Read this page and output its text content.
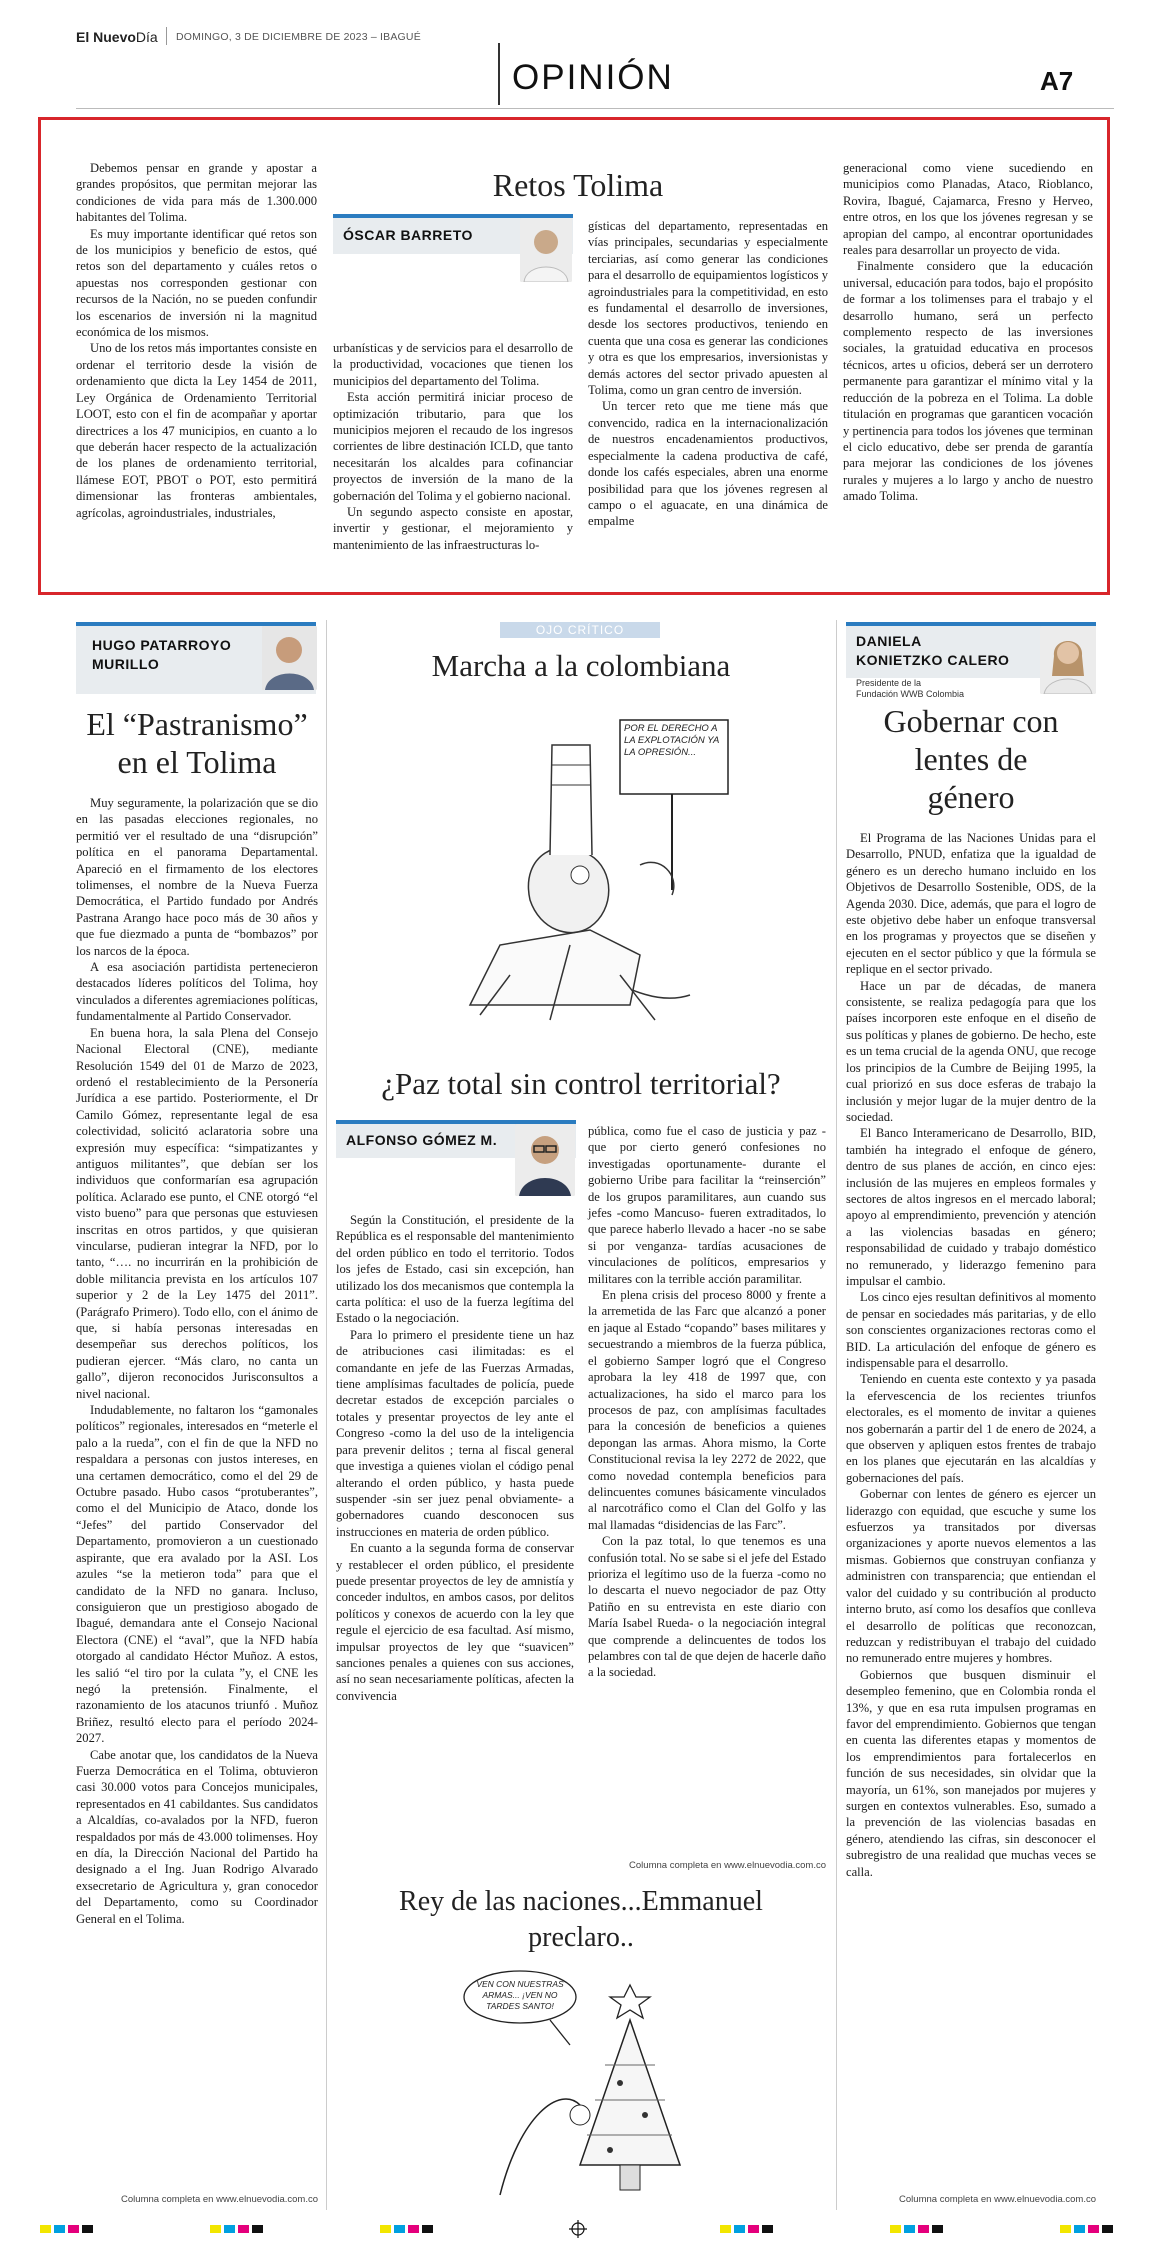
El NuevoDía DOMINGO, 3 DE DICIEMBRE DE 2023 – IBAGUÉ
OPINIÓN	A7

Debemos pensar en grande y apostar a grandes propósitos, que permitan mejorar las condiciones de vida para más de 1.300.000 habitantes del Tolima.

Es muy importante identificar qué retos son de los municipios y beneficio de estos, qué retos son del departamento y cuáles retos o apuestas nos corresponden gestionar con recursos de la Nación, no se pueden confundir los escenarios de inversión ni la magnitud económica de los mismos.

Uno de los retos más importantes consiste en ordenar el territorio desde la visión de ordenamiento que dicta la Ley 1454 de 2011, Ley Orgánica de Ordenamiento Territorial LOOT, esto con el fin de acompañar y aportar directrices a los 47 municipios, en cuanto a lo que deberán hacer respecto de la actualización de los planes de ordenamiento territorial, llámese EOT, PBOT o POT, esto permitirá dimensionar las fronteras ambientales, agrícolas, agroindustriales, industriales,

Retos Tolima
ÓSCAR BARRETO

urbanísticas y de servicios para el desarrollo de la productividad, vocaciones que tienen los municipios del departamento del Tolima.

Esta acción permitirá iniciar proceso de optimización tributario, para que los municipios mejoren el recaudo de los ingresos corrientes de libre destinación ICLD, que tanto necesitarán los alcaldes para cofinanciar proyectos de inversión de la mano de la gobernación del Tolima y el gobierno nacional.

Un segundo aspecto consiste en apostar, invertir y gestionar, el mejoramiento y mantenimiento de las infraestructuras lo-

gísticas del departamento, representadas en vías principales, secundarias y especialmente terciarias, así como generar las condiciones para el desarrollo de equipamientos logísticos y agroindustriales para la competitividad, en esto es fundamental el desarrollo de inversiones, desde los sectores productivos, teniendo en cuenta que una cosa es generar las condiciones y otra es que los empresarios, inversionistas y demás actores del sector privado apuesten al Tolima, como un gran centro de inversión.

Un tercer reto que me tiene más que convencido, radica en la internacionalización de nuestros encadenamientos productivos, especialmente la cadena productiva de café, donde los cafés especiales, abren una enorme posibilidad para que los jóvenes regresen al campo o el aguacate, en una dinámica de empalme

generacional como viene sucediendo en municipios como Planadas, Ataco, Rioblanco, Rovira, Ibagué, Cajamarca, Fresno y Herveo, entre otros, en los que los jóvenes regresan y se apropian del campo, al encontrar oportunidades reales para desarrollar un proyecto de vida.

Finalmente considero que la educación universal, educación para todos, bajo el propósito de formar a los tolimenses para el trabajo y el desarrollo humano, será un perfecto complemento respecto de las inversiones sociales, la gratuidad educativa en procesos técnicos, artes u oficios, deberá ser un derrotero permanente para garantizar el mínimo vital y la reducción de la pobreza en el Tolima. La doble titulación en programas que garanticen vocación y pertinencia para todos los jóvenes que terminan el ciclo educativo, debe ser prenda de garantía para mejorar las condiciones de los jóvenes rurales y mujeres a lo largo y ancho de nuestro amado Tolima.

HUGO PATARROYO
MURILLO
El “Pastranismo”
en el Tolima

Muy seguramente, la polarización que se dio en las pasadas elecciones regionales, no permitió ver el resultado de una “disrupción” política en el panorama Departamental. Apareció en el firmamento de los electores tolimenses, el nombre de la Nueva Fuerza Democrática, el Partido fundado por Andrés Pastrana Arango hace poco más de 30 años y que fue diezmado a punta de “bombazos” por los narcos de la época.

A esa asociación partidista pertenecieron destacados líderes políticos del Tolima, hoy vinculados a diferentes agremiaciones políticas, fundamentalmente al Partido Conservador.

En buena hora, la sala Plena del Consejo Nacional Electoral (CNE), mediante Resolución 1549 del 01 de Marzo de 2023, ordenó el restablecimiento de la Personería Jurídica a ese partido. Posteriormente, el Dr Camilo Gómez, representante legal de esa colectividad, solicitó aclaratoria sobre una expresión muy específica: “simpatizantes y antiguos militantes”, que debían ser los individuos que conformarían esa agrupación política. Aclarado ese punto, el CNE otorgó “el visto bueno” para que personas que estuviesen inscritas en otros partidos, y que quisieran vincularse, pudieran integrar la NFD, por lo tanto, “…. no incurrirán en la prohibición de doble militancia prevista en los artículos 107 superior y 2 de la Ley 1475 del 2011”. (Parágrafo Primero). Todo ello, con el ánimo de que, si había personas interesadas en desempeñar sus derechos políticos, los pudieran ejercer. “Más claro, no canta un gallo”, dijeron reconocidos Jurisconsultos a nivel nacional.

Indudablemente, no faltaron los “gamonales políticos” regionales, interesados en “meterle el palo a la rueda”, con el fin de que la NFD no respaldara a personas con justos intereses, en una certamen democrático, como el del 29 de Octubre pasado. Hubo casos “protuberantes”, como el del Municipio de Ataco, donde los “Jefes” del partido Conservador del Departamento, promovieron a un cuestionado aspirante, que era avalado por la ASI. Los azules “se la metieron toda” para que el candidato de la NFD no ganara. Incluso, consiguieron que un prestigioso abogado de Ibagué, demandara ante el Consejo Nacional Electora (CNE) el “aval”, que la NFD había otorgado al candidato Héctor Muñoz. A estos, les salió “el tiro por la culata ”y, el CNE les negó la pretensión. Finalmente, el razonamiento de los atacunos triunfó . Muñoz Briñez, resultó electo para el período 2024-2027.

Cabe anotar que, los candidatos de la Nueva Fuerza Democrática en el Tolima, obtuvieron casi 30.000 votos para Concejos municipales, representados en 41 cabildantes. Sus candidatos a Alcaldías, co-avalados por la NFD, fueron respaldados por más de 43.000 tolimenses. Hoy en día, la Dirección Nacional del Partido ha designado a el Ing. Juan Rodrigo Alvarado exsecretario de Agricultura y, gran conocedor del Departamento, como su Coordinador General en el Tolima.

Columna completa en www.elnuevodia.com.co
OJO CRÍTICO
Marcha a la colombiana
POR EL DERECHO A LA EXPLOTACIÓN YA LA OPRESIÓN...
¿Paz total sin control territorial?
ALFONSO GÓMEZ M.

Según la Constitución, el presidente de la República es el responsable del mantenimiento del orden público en todo el territorio. Todos los jefes de Estado, casi sin excepción, han utilizado los dos mecanismos que contempla la carta política: el uso de la fuerza legítima del Estado o la negociación.

Para lo primero el presidente tiene un haz de atribuciones casi ilimitadas: es el comandante en jefe de las Fuerzas Armadas, tiene amplísimas facultades de policía, puede decretar estados de excepción parciales o totales y presentar proyectos de ley ante el Congreso -como la del uso de la inteligencia para prevenir delitos ; terna al fiscal general que investiga a quienes violan el código penal alterando el orden público, y hasta puede suspender -sin ser juez penal obviamente- a gobernadores cuando desconocen sus instrucciones en materia de orden público.

En cuanto a la segunda forma de conservar y restablecer el orden público, el presidente puede presentar proyectos de ley de amnistía y conceder indultos, en ambos casos, por delitos políticos y conexos de acuerdo con la ley que regule el ejercicio de esa facultad. Así mismo, impulsar proyectos de ley que “suavicen” sanciones penales a quienes con sus acciones, así no sean necesariamente políticas, afecten la convivencia

pública, como fue el caso de justicia y paz -que por cierto generó confesiones no investigadas oportunamente- durante el gobierno Uribe para facilitar la “reinserción” de los grupos paramilitares, aun cuando sus jefes -como Mancuso- fueren extraditados, lo que parece haberlo llevado a hacer -no se sabe si por venganza- tardías acusaciones de vinculaciones de políticos, empresarios y militares con la terrible acción paramilitar.

En plena crisis del proceso 8000 y frente a la arremetida de las Farc que alcanzó a poner en jaque al Estado “copando” bases militares y secuestrando a miembros de la fuerza pública, el gobierno Samper logró que el Congreso aprobara la ley 418 de 1997 que, con actualizaciones, ha sido el marco para los procesos de paz, con amplísimas facultades para la concesión de beneficios a quienes depongan las armas. Ahora mismo, la Corte Constitucional revisa la ley 2272 de 2022, que como novedad contempla beneficios para delincuentes comunes básicamente vinculados al narcotráfico como el Clan del Golfo y las mal llamadas “disidencias de las Farc”.

Con la paz total, lo que tenemos es una confusión total. No se sabe si el jefe del Estado prioriza el legítimo uso de la fuerza -como no lo descarta el nuevo negociador de paz Otty Patiño en su entrevista en este diario con María Isabel Rueda- o la negociación integral que comprende a delincuentes de todos los pelambres con tal de que dejen de hacerle daño a la sociedad.

Columna completa en www.elnuevodia.com.co
Rey de las naciones...Emmanuel
preclaro..
VEN CON NUESTRAS ARMAS... ¡VEN NO TARDES SANTO!
DANIELA
KONIETZKO CALERO
Presidente de la
Fundación WWB Colombia
Gobernar con
lentes de
género

El Programa de las Naciones Unidas para el Desarrollo, PNUD, enfatiza que la igualdad de género es un derecho humano incluido en los Objetivos de Desarrollo Sostenible, ODS, de la Agenda 2030. Dice, además, que para el logro de este objetivo debe haber un enfoque transversal en los programas y proyectos que se diseñen y ejecuten en el sector público y que la fórmula se replique en el sector privado.

Hace un par de décadas, de manera consistente, se realiza pedagogía para que los países incorporen este enfoque en el diseño de sus políticas y planes de gobierno. De hecho, este es un tema crucial de la agenda ONU, que recoge los principios de la Cumbre de Beijing 1995, la cual priorizó en sus doce esferas de trabajo la inclusión y mejor lugar de la mujer dentro de la sociedad.

El Banco Interamericano de Desarrollo, BID, también ha integrado el enfoque de género, dentro de sus planes de acción, en cinco ejes: inclusión de las mujeres en empleos formales y sectores de altos ingresos en el mercado laboral; apoyo al emprendimiento, prevención y atención a las violencias basadas en género; responsabilidad de cuidado y trabajo doméstico no remunerado, y liderazgo femenino para impulsar el cambio.

Los cinco ejes resultan definitivos al momento de pensar en sociedades más paritarias, y de ello son conscientes organizaciones rectoras como el BID. La articulación del enfoque de género es indispensable para el desarrollo.

Teniendo en cuenta este contexto y ya pasada la efervescencia de los recientes triunfos electorales, es el momento de invitar a quienes nos gobernarán a partir del 1 de enero de 2024, a que observen y apliquen estos frentes de trabajo en los planes que ejecutarán en las alcaldías y gobernaciones del país.

Gobernar con lentes de género es ejercer un liderazgo con equidad, que escuche y sume los esfuerzos ya transitados por diversas organizaciones y aporte nuevos elementos a las mismas. Gobiernos que construyan confianza y administren con transparencia; que entiendan el valor del cuidado y su contribución al producto interno bruto, así como los desafíos que conlleva el desarrollo de políticas que reconozcan, reduzcan y redistribuyan el trabajo del cuidado no remunerado entre mujeres y hombres.

Gobiernos que busquen disminuir el desempleo femenino, que en Colombia ronda el 13%, y que en esa ruta impulsen programas en favor del emprendimiento. Gobiernos que tengan en cuenta las diferentes etapas y momentos de los emprendimientos para fortalecerlos en función de sus necesidades, sin olvidar que la mayoría, un 61%, son manejados por mujeres y surgen en contextos vulnerables. Eso, sumado a la prevención de las violencias basadas en género, atendiendo las cifras, sin desconocer el subregistro de una realidad que muchas veces se calla.

Columna completa en www.elnuevodia.com.co
